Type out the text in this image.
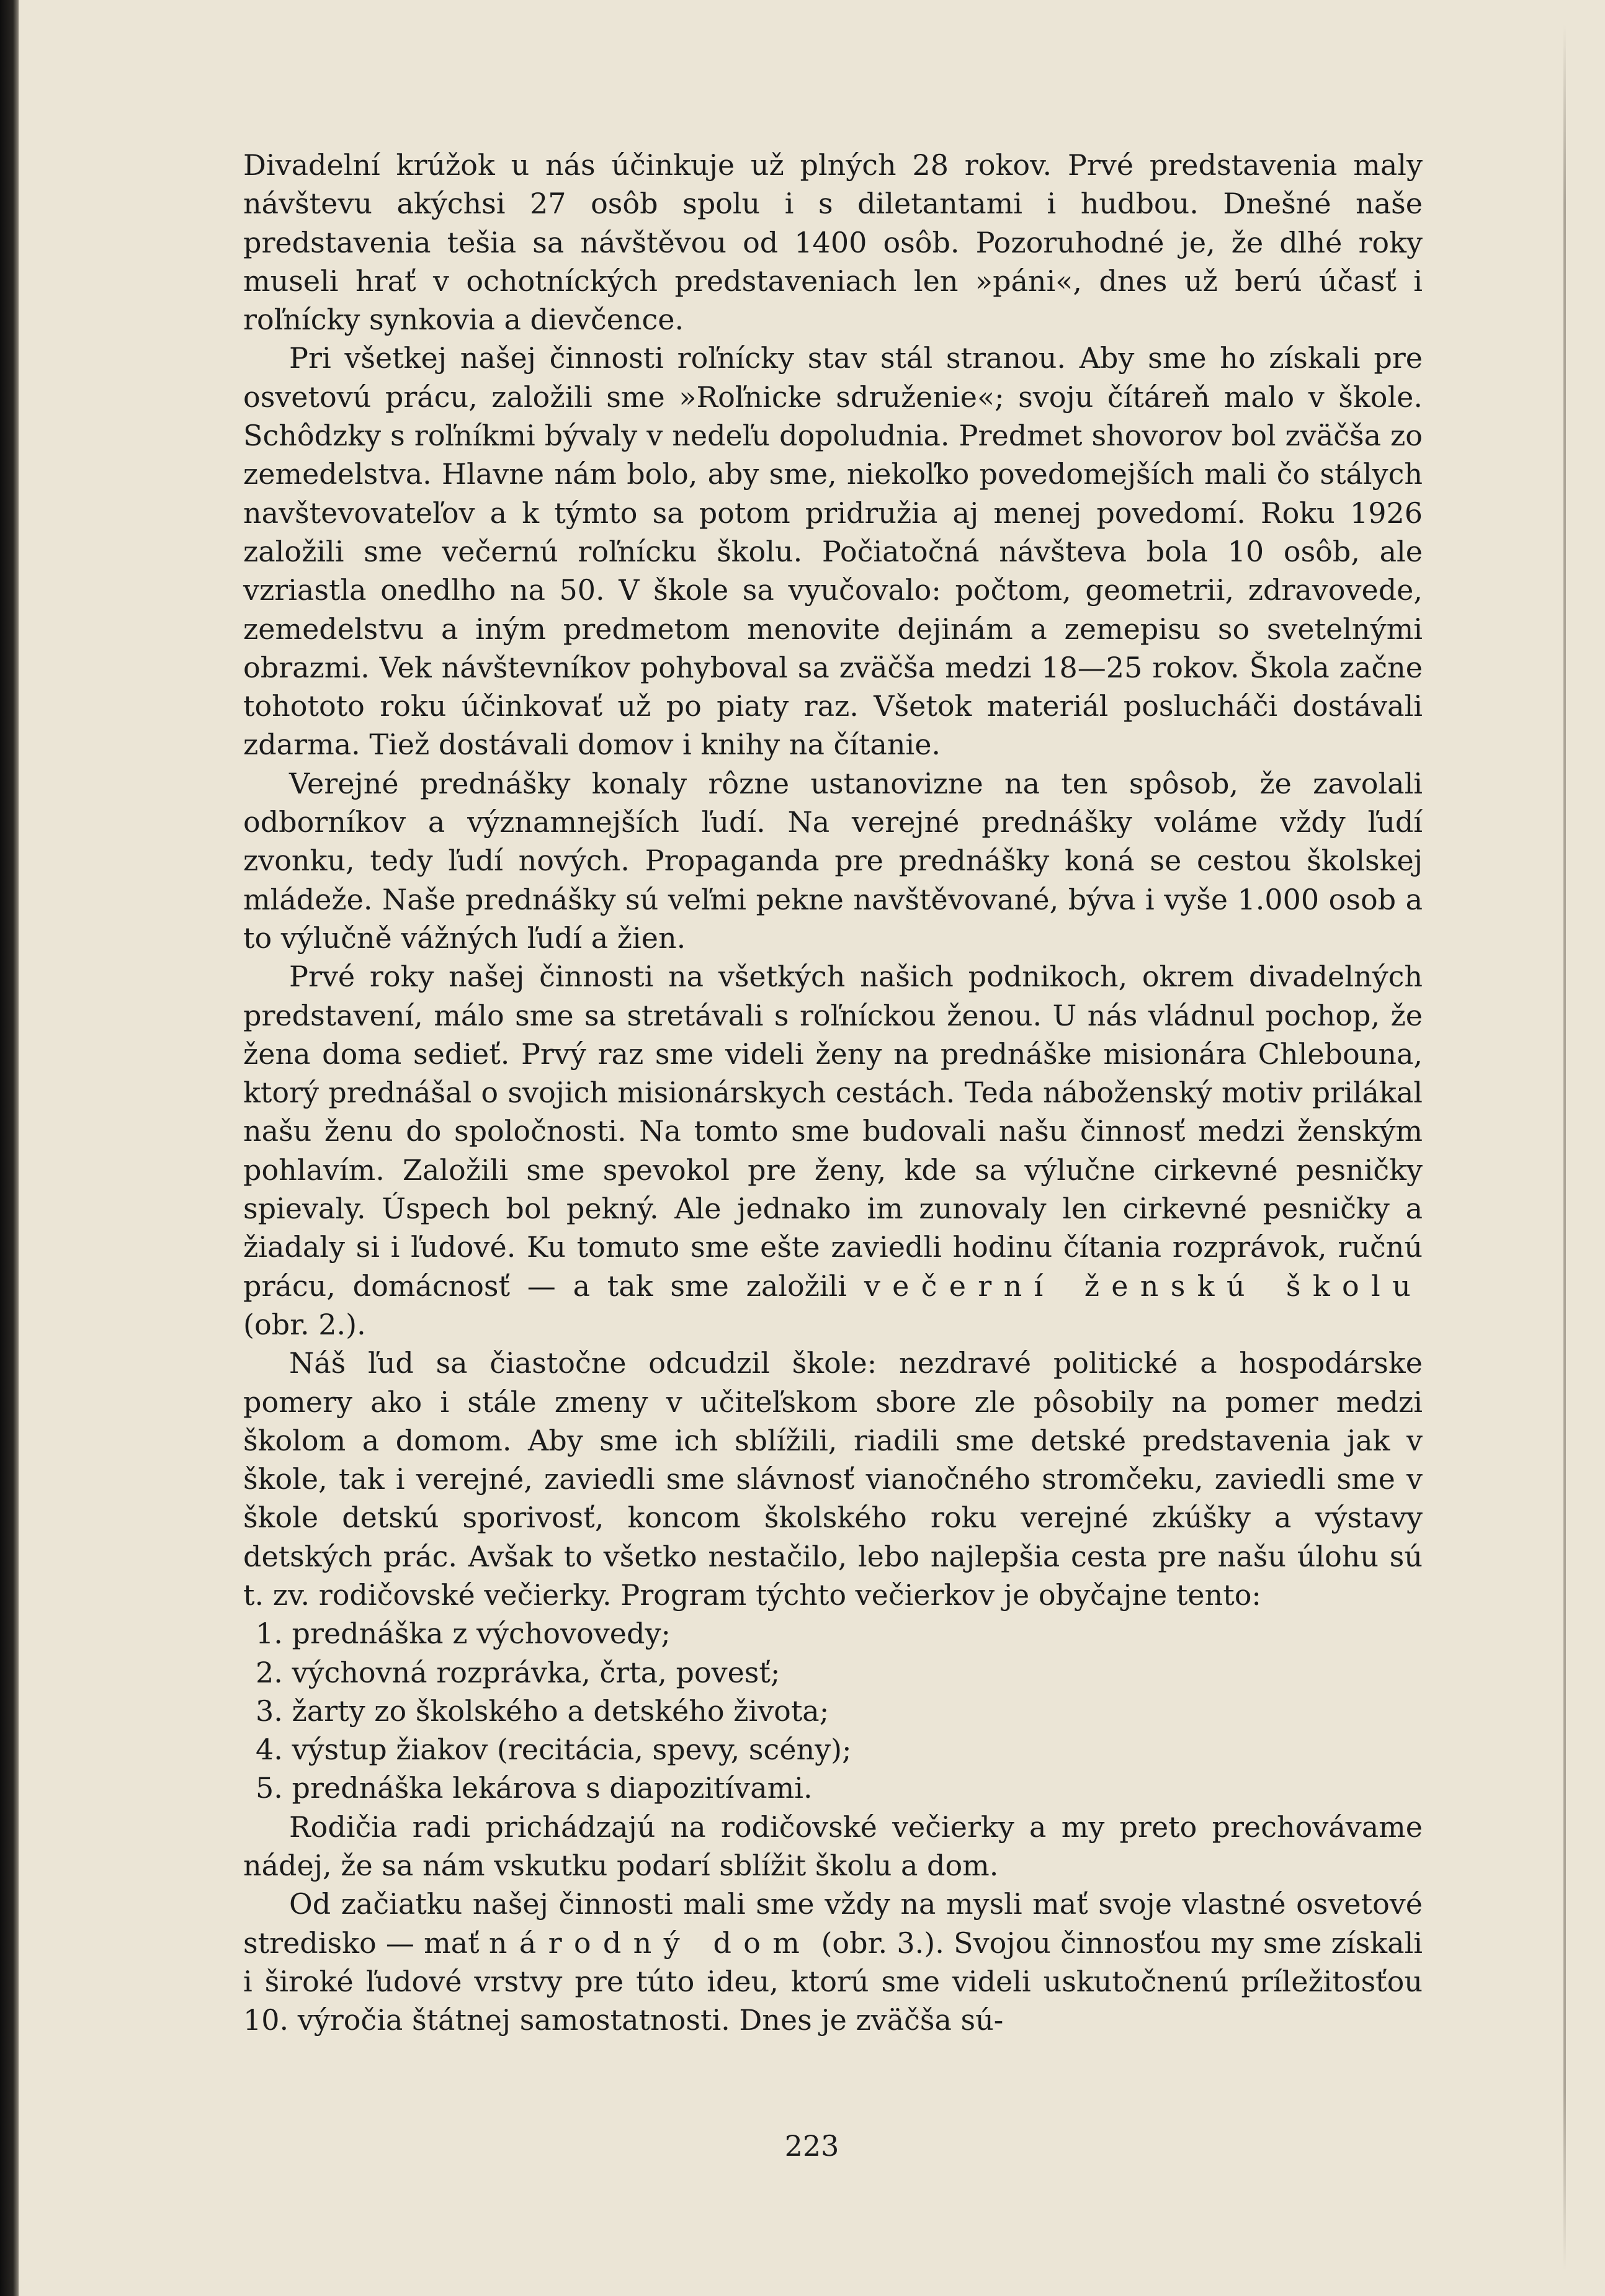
Divadelní krúžok u nás účinkuje už plných 28 rokov. Prvé predstavenia maly návštevu akýchsi 27 osôb spolu i s diletantami i hudbou. Dnešné naše predstavenia tešia sa návštěvou od 1400 osôb. Pozoruhodné je, že dlhé roky museli hrať v ochotníckých predstaveniach len »páni«, dnes už berú účasť i roľnícky synkovia a dievčence.

Pri všetkej našej činnosti roľnícky stav stál stranou. Aby sme ho získali pre osvetovú prácu, založili sme »Roľnicke sdruženie«; svoju čítáreň malo v škole. Schôdzky s roľníkmi bývaly v nedeľu dopoludnia. Predmet shovorov bol zväčša zo zemedelstva. Hlavne nám bolo, aby sme, niekoľko povedomejších mali čo stálych navštevovateľov a k týmto sa potom pridružia aj menej povedomí. Roku 1926 založili sme večernú roľnícku školu. Počiatočná návšteva bola 10 osôb, ale vzriastla onedlho na 50. V škole sa vyučovalo: počtom, geometrii, zdravovede, zemedelstvu a iným predmetom menovite dejinám a zemepisu so svetelnými obrazmi. Vek návštevníkov pohyboval sa zväčša medzi 18—25 rokov. Škola začne tohototo roku účinkovať už po piaty raz. Všetok materiál poslucháči dostávali zdarma. Tiež dostávali domov i knihy na čítanie.

Verejné prednášky konaly rôzne ustanovizne na ten spôsob, že zavolali odborníkov a významnejších ľudí. Na verejné prednášky voláme vždy ľudí zvonku, tedy ľudí nových. Propaganda pre prednášky koná se cestou školskej mládeže. Naše prednášky sú veľmi pekne navštěvované, býva i vyše 1.000 osob a to výlučně vážných ľudí a žien.

Prvé roky našej činnosti na všetkých našich podnikoch, okrem divadelných predstavení, málo sme sa stretávali s roľníckou ženou. U nás vládnul pochop, že žena doma sedieť. Prvý raz sme videli ženy na prednáške misionára Chlebouna, ktorý prednášal o svojich misionárskych cestách. Teda náboženský motiv prilákal našu ženu do spoločnosti. Na tomto sme budovali našu činnosť medzi ženským pohlavím. Založili sme spevokol pre ženy, kde sa výlučne cirkevné pesničky spievaly. Úspech bol pekný. Ale jednako im zunovaly len cirkevné pesničky a žiadaly si i ľudové. Ku tomuto sme ešte zaviedli hodinu čítania rozprávok, ručnú prácu, domácnosť — a tak sme založili večerní ženskú školu (obr. 2.).

Náš ľud sa čiastočne odcudzil škole: nezdravé politické a hospodárske pomery ako i stále zmeny v učiteľskom sbore zle pôsobily na pomer medzi školom a domom. Aby sme ich sblížili, riadili sme detské predstavenia jak v škole, tak i verejné, zaviedli sme slávnosť vianočného stromčeku, zaviedli sme v škole detskú sporivosť, koncom školského roku verejné zkúšky a výstavy detských prác. Avšak to všetko nestačilo, lebo najlepšia cesta pre našu úlohu sú t. zv. rodičovské večierky. Program týchto večierkov je obyčajne tento:

1. prednáška z výchovovedy;
2. výchovná rozprávka, črta, povesť;
3. žarty zo školského a detského života;
4. výstup žiakov (recitácia, spevy, scény);
5. prednáška lekárova s diapozitívami.

Rodičia radi prichádzajú na rodičovské večierky a my preto prechovávame nádej, že sa nám vskutku podarí sblížit školu a dom.

Od začiatku našej činnosti mali sme vždy na mysli mať svoje vlastné osvetové stredisko — mať národný dom (obr. 3.). Svojou činnosťou my sme získali i široké ľudové vrstvy pre túto ideu, ktorú sme videli uskutočnenú príležitosťou 10. výročia štátnej samostatnosti. Dnes je zväčša sú-

223
